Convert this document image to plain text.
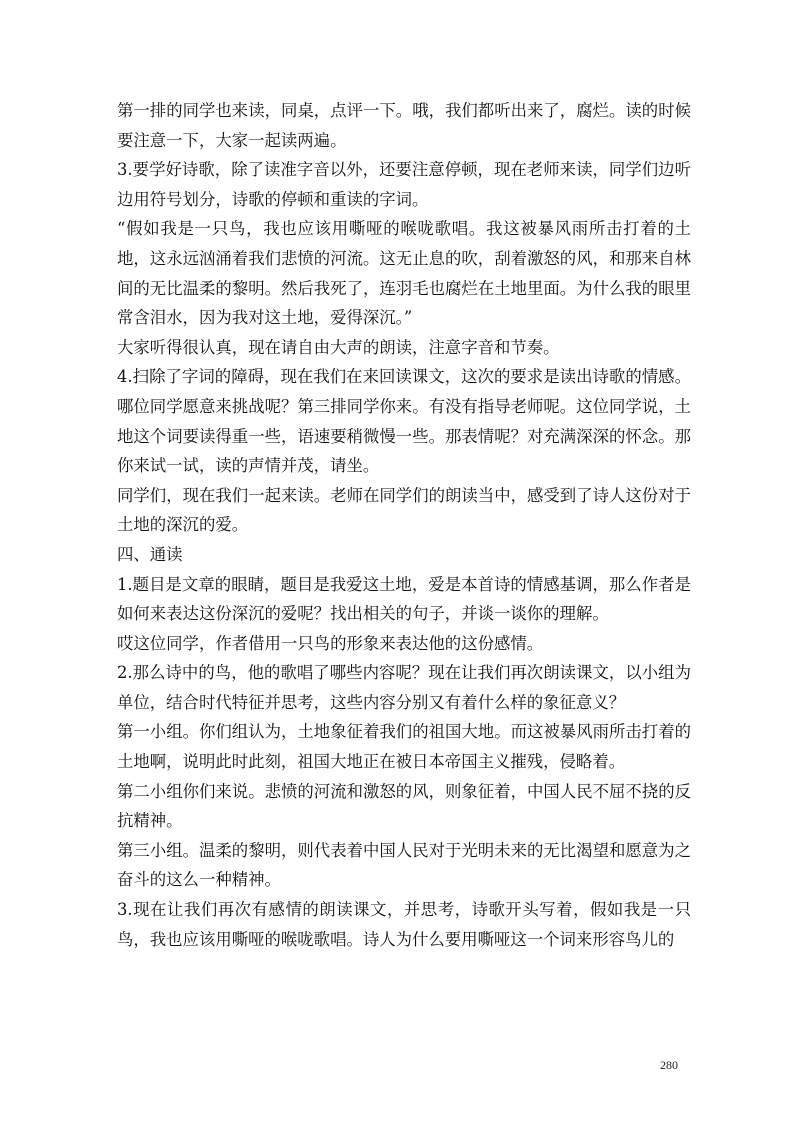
第一排的同学也来读，同桌，点评一下。哦，我们都听出来了，腐烂。读的时候要注意一下，大家一起读两遍。

3.要学好诗歌，除了读准字音以外，还要注意停顿，现在老师来读，同学们边听边用符号划分，诗歌的停顿和重读的字词。

“假如我是一只鸟，我也应该用嘶哑的喉咙歌唱。我这被暴风雨所击打着的土地，这永远汹涌着我们悲愤的河流。这无止息的吹，刮着激怒的风，和那来自林间的无比温柔的黎明。然后我死了，连羽毛也腐烂在土地里面。为什么我的眼里常含泪水，因为我对这土地，爱得深沉。”

大家听得很认真，现在请自由大声的朗读，注意字音和节奏。

4.扫除了字词的障碍，现在我们在来回读课文，这次的要求是读出诗歌的情感。哪位同学愿意来挑战呢？第三排同学你来。有没有指导老师呢。这位同学说，土地这个词要读得重一些，语速要稍微慢一些。那表情呢？对充满深深的怀念。那你来试一试，读的声情并茂，请坐。

同学们，现在我们一起来读。老师在同学们的朗读当中，感受到了诗人这份对于土地的深沉的爱。

四、通读

1.题目是文章的眼睛，题目是我爱这土地，爱是本首诗的情感基调，那么作者是如何来表达这份深沉的爱呢？找出相关的句子，并谈一谈你的理解。

哎这位同学，作者借用一只鸟的形象来表达他的这份感情。

2.那么诗中的鸟，他的歌唱了哪些内容呢？现在让我们再次朗读课文，以小组为单位，结合时代特征并思考，这些内容分别又有着什么样的象征意义？

第一小组。你们组认为，土地象征着我们的祖国大地。而这被暴风雨所击打着的土地啊，说明此时此刻，祖国大地正在被日本帝国主义摧残，侵略着。

第二小组你们来说。悲愤的河流和激怒的风，则象征着，中国人民不屈不挠的反抗精神。

第三小组。温柔的黎明，则代表着中国人民对于光明未来的无比渴望和愿意为之奋斗的这么一种精神。

3.现在让我们再次有感情的朗读课文，并思考，诗歌开头写着，假如我是一只鸟，我也应该用嘶哑的喉咙歌唱。诗人为什么要用嘶哑这一个词来形容鸟儿的

280
